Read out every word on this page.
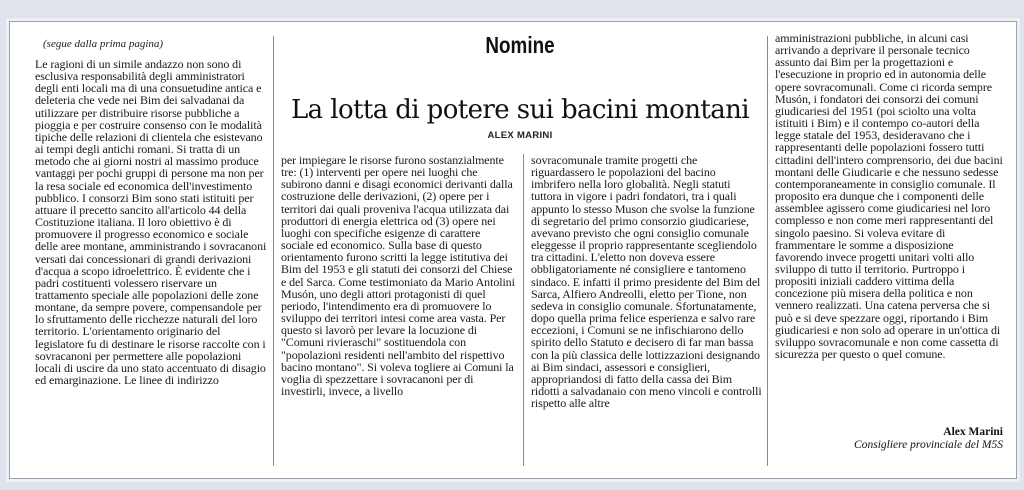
(segue dalla prima pagina)	Nomine
La lotta di potere sui bacini montani
ALEX MARINI

Le ragioni di un simile andazzo non sono di esclusiva responsabilità degli amministratori degli enti locali ma di una consuetudine antica e deleteria che vede nei Bim dei salvadanai da utilizzare per distribuire risorse pubbliche a pioggia e per costruire consenso con le modalità tipiche delle relazioni di clientela che esistevano ai tempi degli antichi romani. Si tratta di un metodo che ai giorni nostri al massimo produce vantaggi per pochi gruppi di persone ma non per la resa sociale ed economica dell'investimento pubblico. I consorzi Bim sono stati istituiti per attuare il precetto sancito all'articolo 44 della Costituzione italiana. Il loro obiettivo è di promuovere il progresso economico e sociale delle aree montane, amministrando i sovracanoni versati dai concessionari di grandi derivazioni d'acqua a scopo idroelettrico. È evidente che i padri costituenti volessero riservare un trattamento speciale alle popolazioni delle zone montane, da sempre povere, compensandole per lo sfruttamento delle ricchezze naturali del loro territorio. L'orientamento originario del legislatore fu di destinare le risorse raccolte con i sovracanoni per permettere alle popolazioni locali di uscire da uno stato accentuato di disagio ed emarginazione. Le linee di indirizzo

per impiegare le risorse furono sostanzialmente tre: (1) interventi per opere nei luoghi che subirono danni e disagi economici derivanti dalla costruzione delle derivazioni, (2) opere per i territori dai quali proveniva l'acqua utilizzata dai produttori di energia elettrica od (3) opere nei luoghi con specifiche esigenze di carattere sociale ed economico. Sulla base di questo orientamento furono scritti la legge istitutiva dei Bim del 1953 e gli statuti dei consorzi del Chiese e del Sarca. Come testimoniato da Mario Antolini Musón, uno degli attori protagonisti di quel periodo, l'intendimento era di promuovere lo sviluppo dei territori intesi come area vasta. Per questo si lavorò per levare la locuzione di "Comuni rivieraschi" sostituendola con "popolazioni residenti nell'ambito del rispettivo bacino montano". Si voleva togliere ai Comuni la voglia di spezzettare i sovracanoni per di investirli, invece, a livello

sovracomunale tramite progetti che riguardassero le popolazioni del bacino imbrifero nella loro globalità. Negli statuti tuttora in vigore i padri fondatori, tra i quali appunto lo stesso Muson che svolse la funzione di segretario del primo consorzio giudicariese, avevano previsto che ogni consiglio comunale eleggesse il proprio rappresentante scegliendolo tra cittadini. L'eletto non doveva essere obbligatoriamente né consigliere e tantomeno sindaco. E infatti il primo presidente del Bim del Sarca, Alfiero Andreolli, eletto per Tione, non sedeva in consiglio comunale. Sfortunatamente, dopo quella prima felice esperienza e salvo rare eccezioni, i Comuni se ne infischiarono dello spirito dello Statuto e decisero di far man bassa con la più classica delle lottizzazioni designando ai Bim sindaci, assessori e consiglieri, appropriandosi di fatto della cassa dei Bim ridotti a salvadanaio con meno vincoli e controlli rispetto alle altre

amministrazioni pubbliche, in alcuni casi arrivando a deprivare il personale tecnico assunto dai Bim per la progettazioni e l'esecuzione in proprio ed in autonomia delle opere sovracomunali. Come ci ricorda sempre Musón, i fondatori dei consorzi dei comuni giudicariesi del 1951 (poi sciolto una volta istituiti i Bim) e il contempo co-autori della legge statale del 1953, desideravano che i rappresentanti delle popolazioni fossero tutti cittadini dell'intero comprensorio, dei due bacini montani delle Giudicarie e che nessuno sedesse contemporaneamente in consiglio comunale. Il proposito era dunque che i componenti delle assemblee agissero come giudicariesi nel loro complesso e non come meri rappresentanti del singolo paesino. Si voleva evitare di frammentare le somme a disposizione favorendo invece progetti unitari volti allo sviluppo di tutto il territorio. Purtroppo i propositi iniziali caddero vittima della concezione più misera della politica e non vennero realizzati. Una catena perversa che si può e si deve spezzare oggi, riportando i Bim giudicariesi e non solo ad operare in un'ottica di sviluppo sovracomunale e non come cassetta di sicurezza per questo o quel comune.

Alex Marini
Consigliere provinciale del M5S
